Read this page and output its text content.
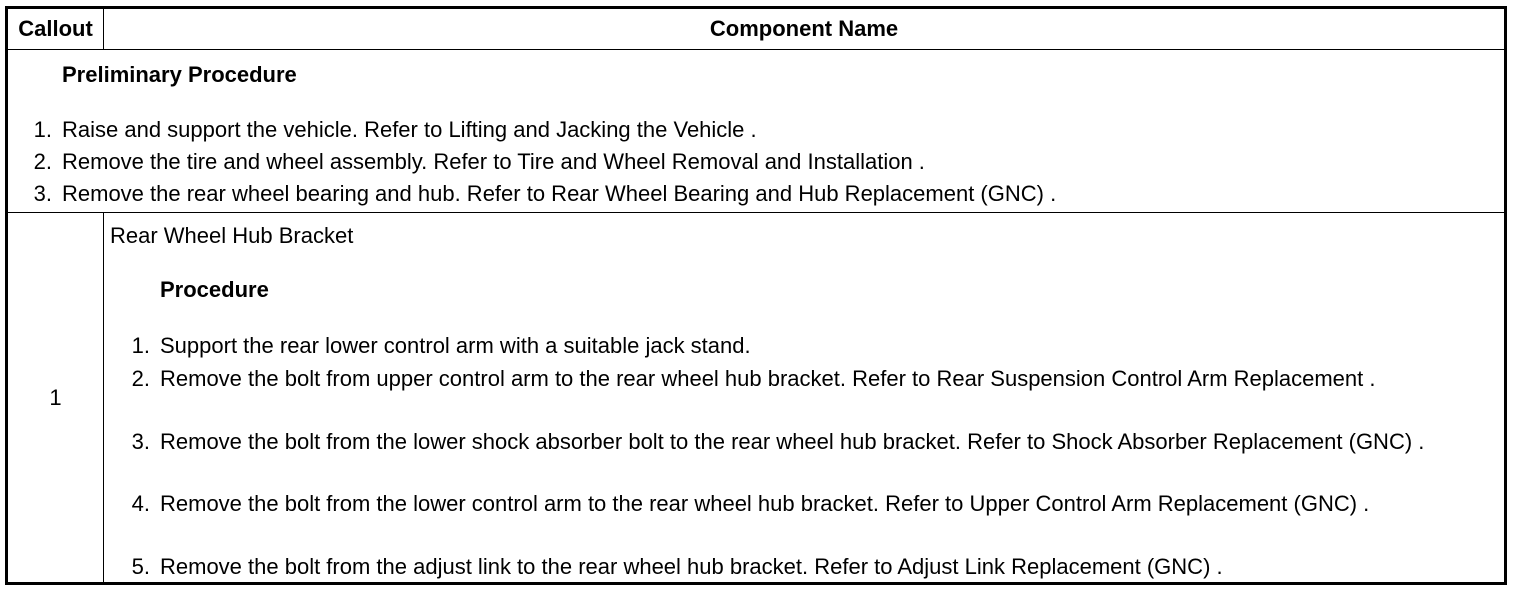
Callout	Component Name
Preliminary Procedure
1. Raise and support the vehicle. Refer to Lifting and Jacking the Vehicle .
2. Remove the tire and wheel assembly. Refer to Tire and Wheel Removal and Installation .
3. Remove the rear wheel bearing and hub. Refer to Rear Wheel Bearing and Hub Replacement (GNC) .
1
Rear Wheel Hub Bracket
Procedure
1. Support the rear lower control arm with a suitable jack stand.
2. Remove the bolt from upper control arm to the rear wheel hub bracket. Refer to Rear Suspension Control Arm Replacement .
3. Remove the bolt from the lower shock absorber bolt to the rear wheel hub bracket. Refer to Shock Absorber Replacement (GNC) .
4. Remove the bolt from the lower control arm to the rear wheel hub bracket. Refer to Upper Control Arm Replacement (GNC) .
5. Remove the bolt from the adjust link to the rear wheel hub bracket. Refer to Adjust Link Replacement (GNC) .
